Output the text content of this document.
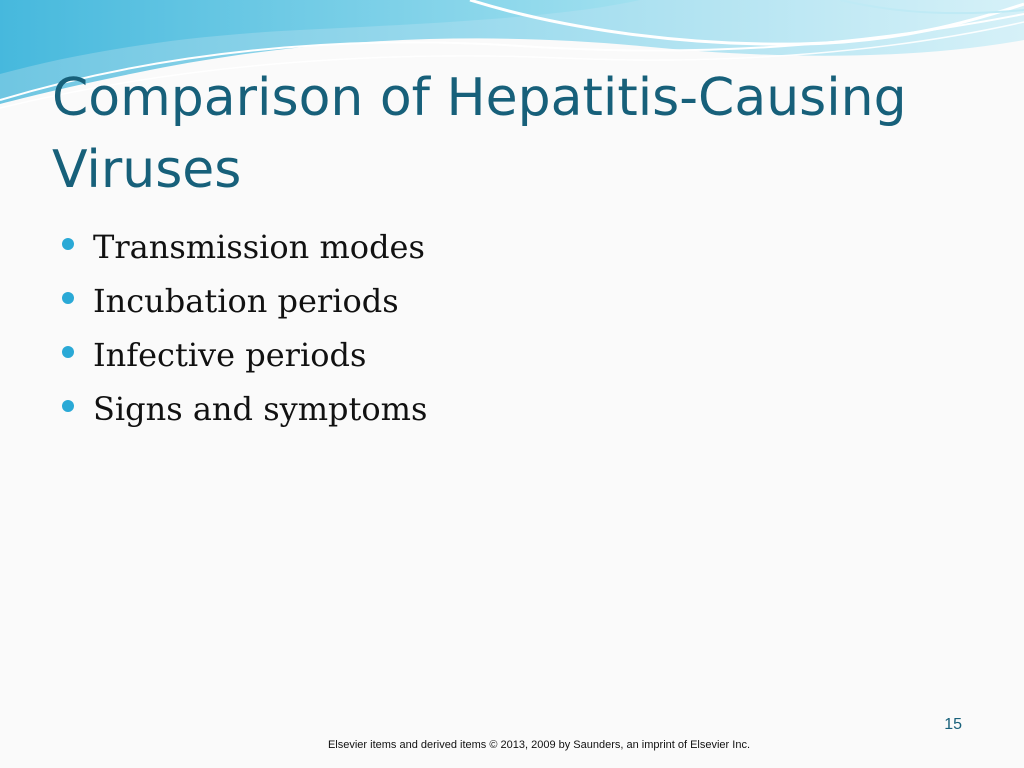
Comparison of Hepatitis-Causing Viruses
Transmission modes
Incubation periods
Infective periods
Signs and symptoms
15
Elsevier items and derived items © 2013, 2009 by Saunders, an imprint of Elsevier Inc.
